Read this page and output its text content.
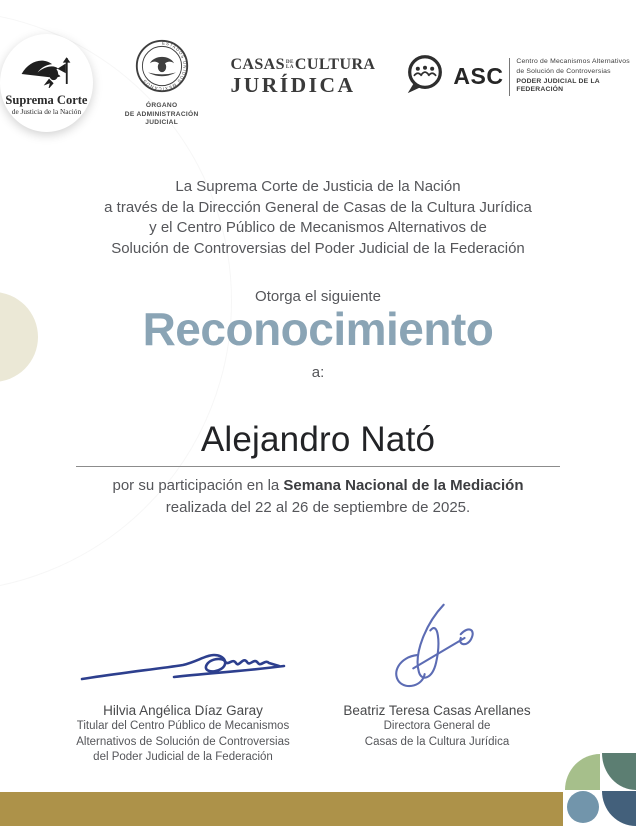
Suprema Corte
de Justicia de la Nación
ESTADOS UNIDOS MEXICANOS
ÓRGANO
DE ADMINISTRACIÓN
JUDICIAL
CASAS DE
LA CULTURA
JURÍDICA	ASC
Centro de Mecanismos Alternativos
de Solución de Controversias
PODER JUDICIAL DE LA FEDERACIÓN
La Suprema Corte de Justicia de la Nación
a través de la Dirección General de Casas de la Cultura Jurídica
y el Centro Público de Mecanismos Alternativos de
Solución de Controversias del Poder Judicial de la Federación
Otorga el siguiente
Reconocimiento
a:
Alejandro Nató
por su participación en la Semana Nacional de la Mediación
realizada del 22 al 26 de septiembre de 2025.
Hilvia Angélica Díaz Garay
Titular del Centro Público de Mecanismos
Alternativos de Solución de Controversias
del Poder Judicial de la Federación
Beatriz Teresa Casas Arellanes
Directora General de
Casas de la Cultura Jurídica
